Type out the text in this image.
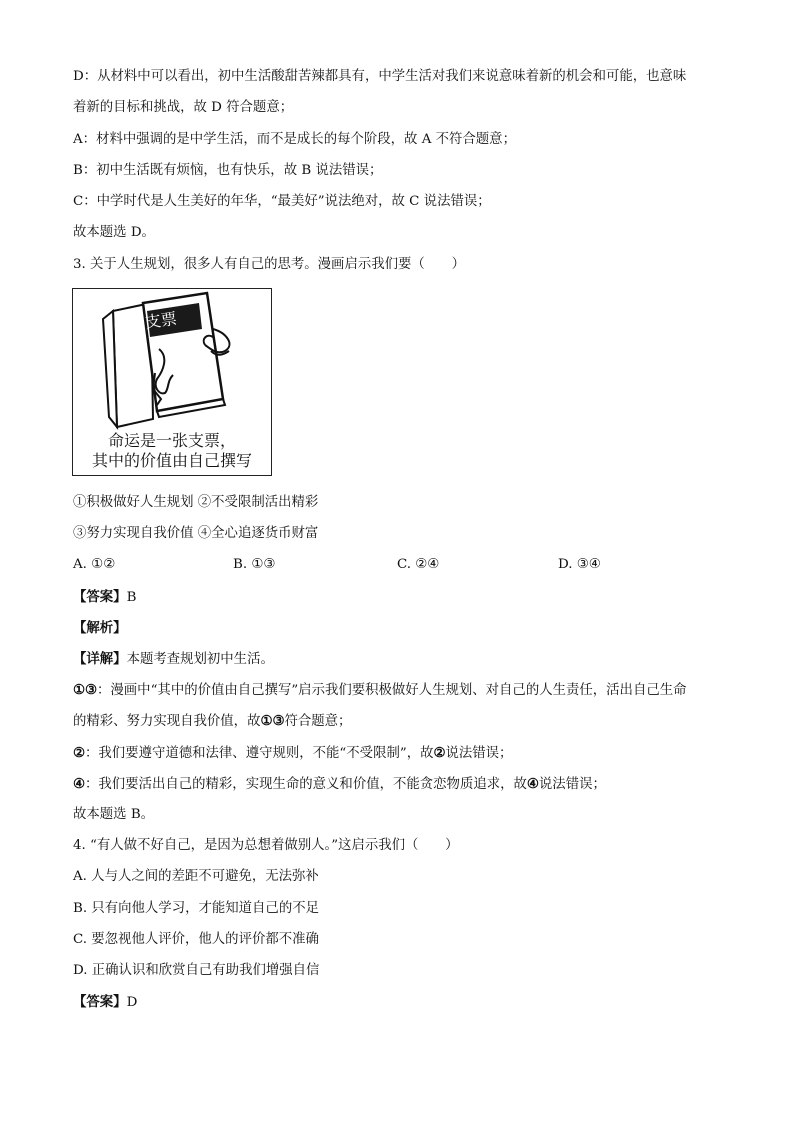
D：从材料中可以看出，初中生活酸甜苦辣都具有，中学生活对我们来说意味着新的机会和可能，也意味
着新的目标和挑战，故 D 符合题意；
A：材料中强调的是中学生活，而不是成长的每个阶段，故 A 不符合题意；
B：初中生活既有烦恼，也有快乐，故 B 说法错误；
C：中学时代是人生美好的年华，“最美好”说法绝对，故 C 说法错误；
故本题选 D。
3. 关于人生规划，很多人有自己的思考。漫画启示我们要（　　）
支票
命运是一张支票，
其中的价值由自己撰写
①积极做好人生规划 ②不受限制活出精彩
③努力实现自我价值 ④全心追逐货币财富
A. ①②	B. ①③	C. ②④	D. ③④
【答案】B
【解析】
【详解】本题考查规划初中生活。
①③：漫画中“其中的价值由自己撰写”启示我们要积极做好人生规划、对自己的人生责任，活出自己生命
的精彩、努力实现自我价值，故①③符合题意；
②：我们要遵守道德和法律、遵守规则，不能“不受限制”，故②说法错误；
④：我们要活出自己的精彩，实现生命的意义和价值，不能贪恋物质追求，故④说法错误；
故本题选 B。
4. “有人做不好自己，是因为总想着做别人。”这启示我们（　　）
A. 人与人之间的差距不可避免，无法弥补
B. 只有向他人学习，才能知道自己的不足
C. 要忽视他人评价，他人的评价都不准确
D. 正确认识和欣赏自己有助我们增强自信
【答案】D
